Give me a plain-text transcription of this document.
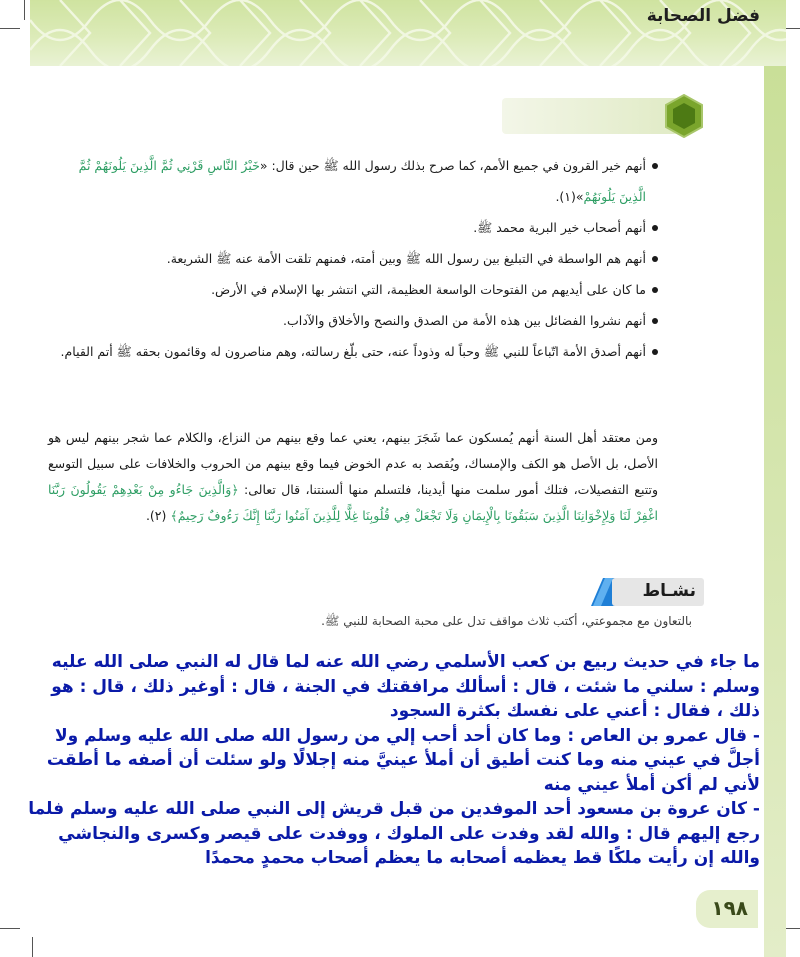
فضل الصحابة
أنهم خير القرون في جميع الأمم، كما صرح بذلك رسول الله ﷺ حين قال: «خَيْرُ النَّاسِ قَرْنِي ثُمَّ الَّذِينَ يَلُونَهُمْ ثُمَّ الَّذِينَ يَلُونَهُمْ»(١).
أنهم أصحاب خير البرية محمد ﷺ.
أنهم هم الواسطة في التبليغ بين رسول الله ﷺ وبين أمته، فمنهم تلقت الأمة عنه ﷺ الشريعة.
ما كان على أيديهم من الفتوحات الواسعة العظيمة، التي انتشر بها الإسلام في الأرض.
أنهم نشروا الفضائل بين هذه الأمة من الصدق والنصح والأخلاق والآداب.
أنهم أصدق الأمة اتّباعاً للنبي ﷺ وحباً له وذوداً عنه، حتى بلّغ رسالته، وهم مناصرون له وقائمون بحقه ﷺ أتم القيام.
ومن معتقد أهل السنة أنهم يُمسكون عما شَجَرَ بينهم، يعني عما وقع بينهم من النزاع، والكلام عما شجر بينهم ليس هو الأصل، بل الأصل هو الكف والإمساك، ويُقصد به عدم الخوض فيما وقع بينهم من الحروب والخلافات على سبيل التوسع وتتبع التفصيلات، فتلك أمور سلمت منها أيدينا، فلتسلم منها ألسنتنا، قال تعالى: ﴿وَالَّذِينَ جَاءُو مِنْ بَعْدِهِمْ يَقُولُونَ رَبَّنَا اغْفِرْ لَنَا وَلِإِخْوَانِنَا الَّذِينَ سَبَقُونَا بِالْإِيمَانِ وَلَا تَجْعَلْ فِي قُلُوبِنَا غِلًّا لِلَّذِينَ آمَنُوا رَبَّنَا إِنَّكَ رَءُوفٌ رَحِيمٌ﴾ (٢).
نشـاط
بالتعاون مع مجموعتي، أكتب ثلاث مواقف تدل على محبة الصحابة للنبي ﷺ.

ما جاء في حديث ربيع بن كعب الأسلمي رضي الله عنه لما قال له النبي صلى الله عليه وسلم : سلني ما شئت ، قال : أسألك مرافقتك في الجنة ، قال : أوغير ذلك ، قال : هو ذلك ، فقال : أعني على نفسك بكثرة السجود

- قال عمرو بن العاص : وما كان أحد أحب إلي من رسول الله صلى الله عليه وسلم ولا أجلَّ في عيني منه وما كنت أطيق أن أملأ عينيَّ منه إجلالًا ولو سئلت أن أصفه ما أطقت لأني لم أكن أملأ عيني منه

- كان عروة بن مسعود أحد الموفدين من قبل قريش إلى النبي صلى الله عليه وسلم فلما رجع إليهم قال : والله لقد وفدت على الملوك ، ووفدت على قيصر وكسرى والنجاشي والله إن رأيت ملكًا قط يعظمه أصحابه ما يعظم أصحاب محمدٍ محمدًا

١٩٨
